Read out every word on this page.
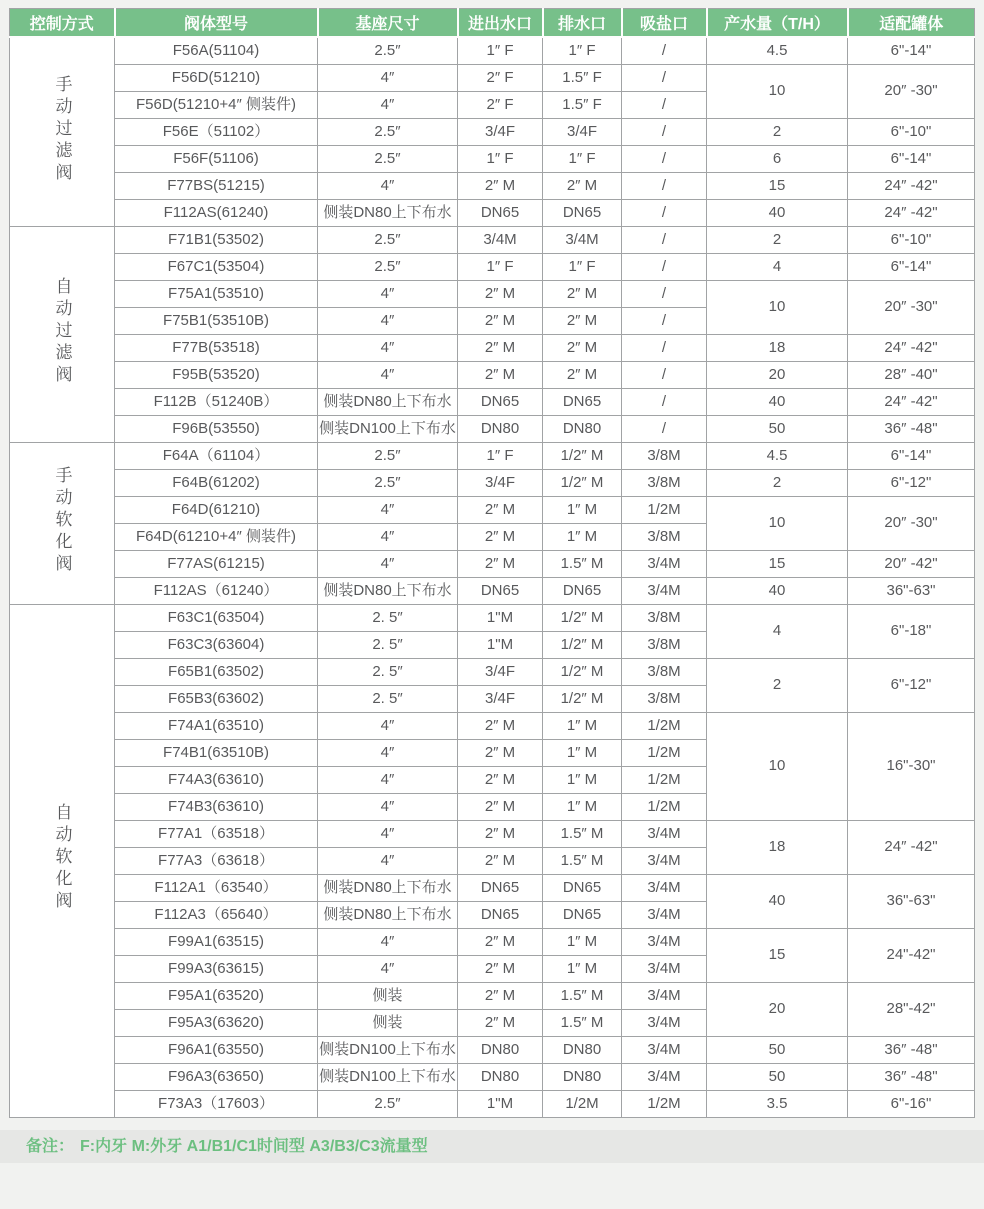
控制方式	阀体型号	基座尺寸	进出水口	排水口	吸盐口	产水量（T/H）	适配罐体
手动过滤阀	F56A(51104)	2.5″	1″ F	1″ F	/	4.5	6"-14"
	F56D(51210)	4″	2″ F	1.5″ F	/	10	20″ -30"
	F56D(51210+4″ 侧装件)	4″	2″ F	1.5″ F	/		
	F56E（51102）	2.5″	3/4F	3/4F	/	2	6"-10"
	F56F(51106)	2.5″	1″ F	1″ F	/	6	6"-14"
	F77BS(51215)	4″	2″ M	2″ M	/	15	24″ -42"
	F112AS(61240)	侧装DN80上下布水	DN65	DN65	/	40	24″ -42"
自动过滤阀	F71B1(53502)	2.5″	3/4M	3/4M	/	2	6"-10"
	F67C1(53504)	2.5″	1″ F	1″ F	/	4	6"-14"
	F75A1(53510)	4″	2″ M	2″ M	/	10	20″ -30"
	F75B1(53510B)	4″	2″ M	2″ M	/		
	F77B(53518)	4″	2″ M	2″ M	/	18	24″ -42"
	F95B(53520)	4″	2″ M	2″ M	/	20	28″ -40"
	F112B（51240B）	侧装DN80上下布水	DN65	DN65	/	40	24″ -42"
	F96B(53550)	侧装DN100上下布水	DN80	DN80	/	50	36″ -48"
手动软化阀	F64A（61104）	2.5″	1″ F	1/2″ M	3/8M	4.5	6"-14"
	F64B(61202)	2.5″	3/4F	1/2″ M	3/8M	2	6"-12"
	F64D(61210)	4″	2″ M	1″ M	1/2M	10	20″ -30"
	F64D(61210+4″ 侧装件)	4″	2″ M	1″ M	3/8M		
	F77AS(61215)	4″	2″ M	1.5″ M	3/4M	15	20″ -42"
	F112AS（61240）	侧装DN80上下布水	DN65	DN65	3/4M	40	36"-63"
自动软化阀	F63C1(63504)	2. 5″	1"M	1/2″ M	3/8M	4	6"-18"
	F63C3(63604)	2. 5″	1"M	1/2″ M	3/8M		
	F65B1(63502)	2. 5″	3/4F	1/2″ M	3/8M	2	6"-12"
	F65B3(63602)	2. 5″	3/4F	1/2″ M	3/8M		
	F74A1(63510)	4″	2″ M	1″ M	1/2M	10	16"-30"
	F74B1(63510B)	4″	2″ M	1″ M	1/2M		
	F74A3(63610)	4″	2″ M	1″ M	1/2M		
	F74B3(63610)	4″	2″ M	1″ M	1/2M		
	F77A1（63518）	4″	2″ M	1.5″ M	3/4M	18	24″ -42"
	F77A3（63618）	4″	2″ M	1.5″ M	3/4M		
	F112A1（63540）	侧装DN80上下布水	DN65	DN65	3/4M	40	36"-63"
	F112A3（65640）	侧装DN80上下布水	DN65	DN65	3/4M		
	F99A1(63515)	4″	2″ M	1″ M	3/4M	15	24"-42"
	F99A3(63615)	4″	2″ M	1″ M	3/4M		
	F95A1(63520)	侧装	2″ M	1.5″ M	3/4M	20	28"-42"
	F95A3(63620)	侧装	2″ M	1.5″ M	3/4M		
	F96A1(63550)	侧装DN100上下布水	DN80	DN80	3/4M	50	36″ -48"
	F96A3(63650)	侧装DN100上下布水	DN80	DN80	3/4M	50	36″ -48"
	F73A3（17603）	2.5″	1"M	1/2M	1/2M	3.5	6"-16"
备注： F:内牙 M:外牙 A1/B1/C1时间型 A3/B3/C3流量型
